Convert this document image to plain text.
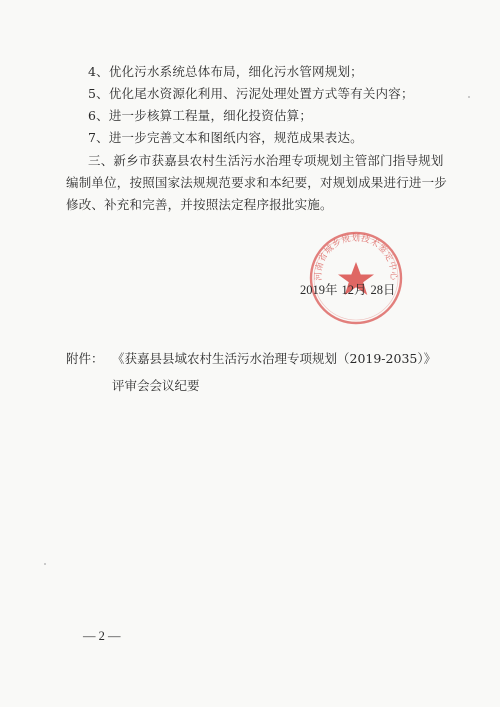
4、优化污水系统总体布局，细化污水管网规划；
5、优化尾水资源化利用、污泥处理处置方式等有关内容；
6、进一步核算工程量，细化投资估算；
7、进一步完善文本和图纸内容，规范成果表达。
三、新乡市获嘉县农村生活污水治理专项规划主管部门指导规划
编制单位，按照国家法规规范要求和本纪要，对规划成果进行进一步
修改、补充和完善，并按照法定程序报批实施。
河南省城乡规划技术鉴定中心
2019年 12月 28日
附件： 《获嘉县县域农村生活污水治理专项规划（2019-2035）》
评审会会议纪要
— 2 —
